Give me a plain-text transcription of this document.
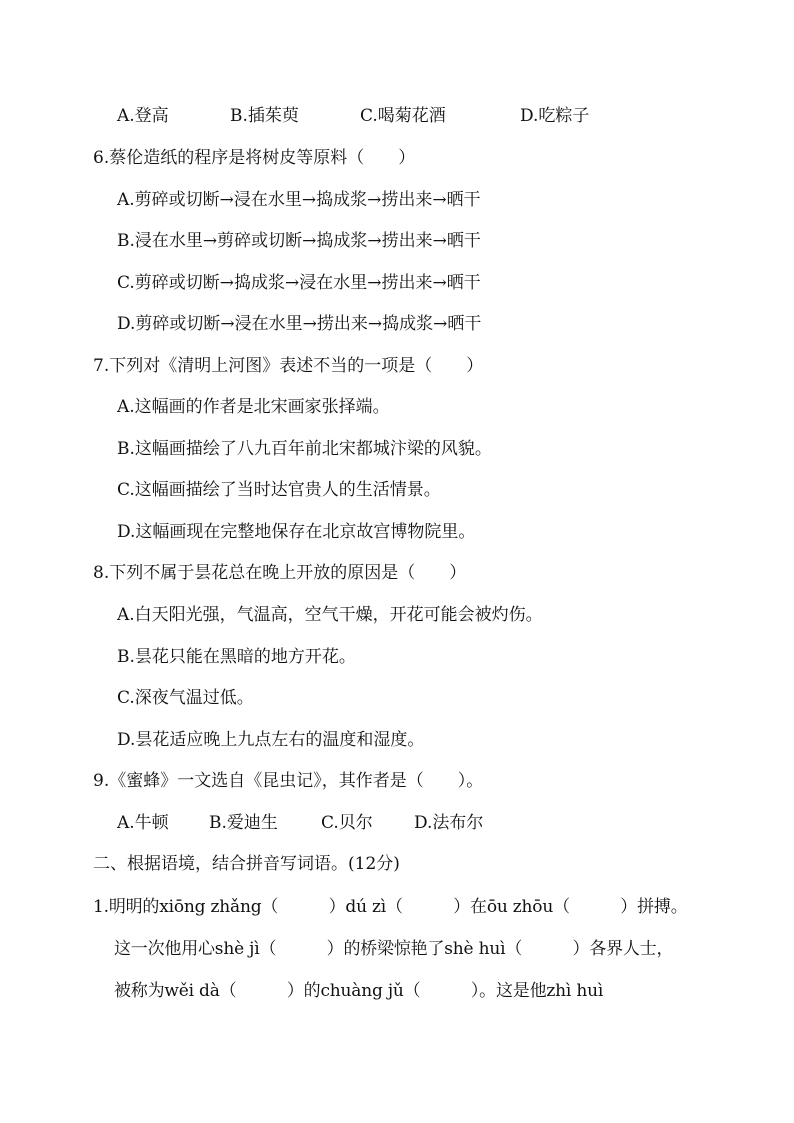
A.登高	B.插茱萸	C.喝菊花酒	D.吃粽子
6.蔡伦造纸的程序是将树皮等原料（　　）
A.剪碎或切断→浸在水里→捣成浆→捞出来→晒干
B.浸在水里→剪碎或切断→捣成浆→捞出来→晒干
C.剪碎或切断→捣成浆→浸在水里→捞出来→晒干
D.剪碎或切断→浸在水里→捞出来→捣成浆→晒干
7.下列对《清明上河图》表述不当的一项是（　　）
A.这幅画的作者是北宋画家张择端。
B.这幅画描绘了八九百年前北宋都城汴梁的风貌。
C.这幅画描绘了当时达官贵人的生活情景。
D.这幅画现在完整地保存在北京故宫博物院里。
8.下列不属于昙花总在晚上开放的原因是（　　）
A.白天阳光强，气温高，空气干燥，开花可能会被灼伤。
B.昙花只能在黑暗的地方开花。
C.深夜气温过低。
D.昙花适应晚上九点左右的温度和湿度。
9.《蜜蜂》一文选自《昆虫记》，其作者是（　　）。
A.牛顿 B.爱迪生	C.贝尔 D.法布尔
二、根据语境，结合拼音写词语。(12分)
1.明明的xiōng zhǎng（　　　）dú zì（　　　）在ōu zhōu（　　　）拼搏。
这一次他用心shè jì（　　　）的桥梁惊艳了shè huì（　　　）各界人士，
被称为wěi dà（　　　）的chuàng jǔ（　　　）。这是他zhì huì
